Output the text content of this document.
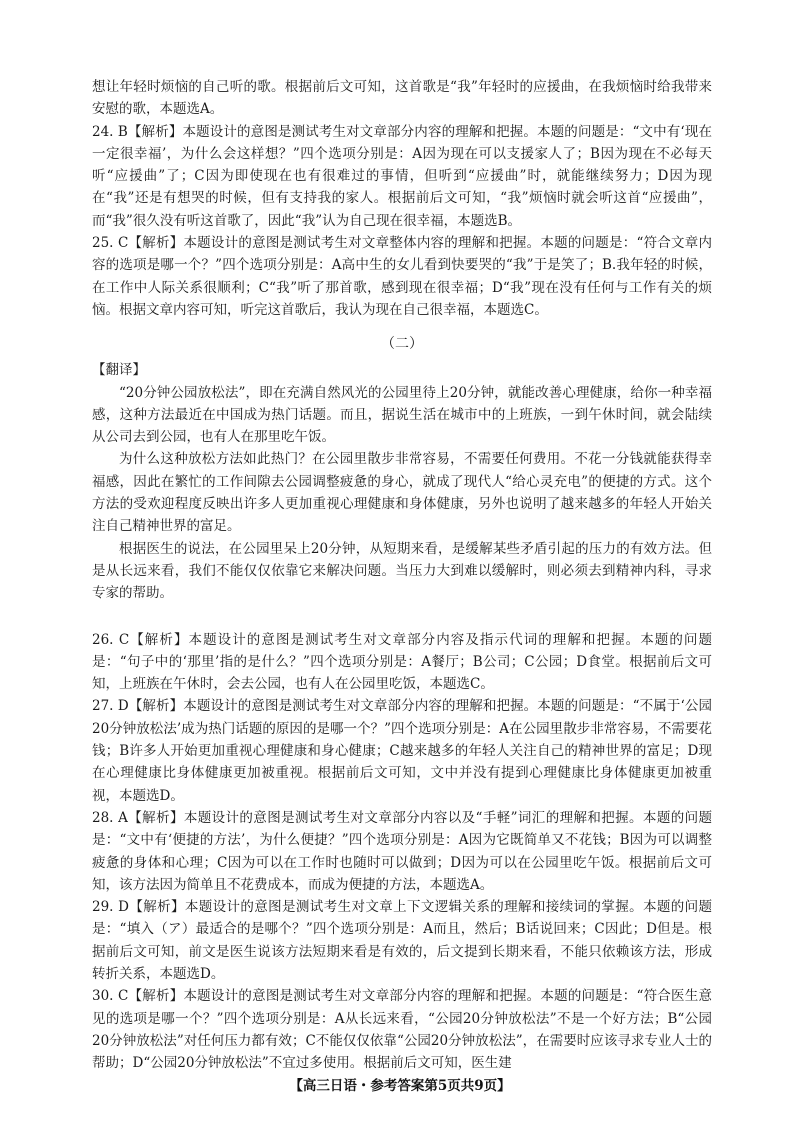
想让年轻时烦恼的自己听的歌。根据前后文可知，这首歌是“我”年轻时的应援曲，在我烦恼时给我带来安慰的歌，本题选A。

24. B【解析】本题设计的意图是测试考生对文章部分内容的理解和把握。本题的问题是：“文中有‘现在一定很幸福’，为什么会这样想？”四个选项分别是：A因为现在可以支援家人了；B因为现在不必每天听“应援曲”了；C因为即使现在也有很难过的事情，但听到“应援曲”时，就能继续努力；D因为现在“我”还是有想哭的时候，但有支持我的家人。根据前后文可知，“我”烦恼时就会听这首“应援曲”，而“我”很久没有听这首歌了，因此“我”认为自己现在很幸福，本题选B。

25. C【解析】本题设计的意图是测试考生对文章整体内容的理解和把握。本题的问题是：“符合文章内容的选项是哪一个？”四个选项分别是：A高中生的女儿看到快要哭的“我”于是笑了；B.我年轻的时候，在工作中人际关系很顺利；C“我”听了那首歌，感到现在很幸福；D“我”现在没有任何与工作有关的烦恼。根据文章内容可知，听完这首歌后，我认为现在自己很幸福，本题选C。

（二）

【翻译】

“20分钟公园放松法”，即在充满自然风光的公园里待上20分钟，就能改善心理健康，给你一种幸福感，这种方法最近在中国成为热门话题。而且，据说生活在城市中的上班族，一到午休时间，就会陆续从公司去到公园，也有人在那里吃午饭。

为什么这种放松方法如此热门？在公园里散步非常容易，不需要任何费用。不花一分钱就能获得幸福感，因此在繁忙的工作间隙去公园调整疲惫的身心，就成了现代人“给心灵充电”的便捷的方式。这个方法的受欢迎程度反映出许多人更加重视心理健康和身体健康，另外也说明了越来越多的年轻人开始关注自己精神世界的富足。

根据医生的说法，在公园里呆上20分钟，从短期来看，是缓解某些矛盾引起的压力的有效方法。但是从长远来看，我们不能仅仅依靠它来解决问题。当压力大到难以缓解时，则必须去到精神内科，寻求专家的帮助。

26. C【解析】本题设计的意图是测试考生对文章部分内容及指示代词的理解和把握。本题的问题是：“句子中的‘那里’指的是什么？”四个选项分别是：A餐厅；B公司；C公园；D食堂。根据前后文可知，上班族在午休时，会去公园，也有人在公园里吃饭，本题选C。

27. D【解析】本题设计的意图是测试考生对文章部分内容的理解和把握。本题的问题是：“不属于‘公园20分钟放松法’成为热门话题的原因的是哪一个？”四个选项分别是：A在公园里散步非常容易，不需要花钱；B许多人开始更加重视心理健康和身心健康；C越来越多的年轻人关注自己的精神世界的富足；D现在心理健康比身体健康更加被重视。根据前后文可知，文中并没有提到心理健康比身体健康更加被重视，本题选D。

28. A【解析】本题设计的意图是测试考生对文章部分内容以及“手軽”词汇的理解和把握。本题的问题是：“文中有‘便捷的方法’，为什么便捷？”四个选项分别是：A因为它既简单又不花钱；B因为可以调整疲惫的身体和心理；C因为可以在工作时也随时可以做到；D因为可以在公园里吃午饭。根据前后文可知，该方法因为简单且不花费成本，而成为便捷的方法，本题选A。

29. D【解析】本题设计的意图是测试考生对文章上下文逻辑关系的理解和接续词的掌握。本题的问题是：“填入（ア）最适合的是哪个？”四个选项分别是：A而且，然后；B话说回来；C因此；D但是。根据前后文可知，前文是医生说该方法短期来看是有效的，后文提到长期来看，不能只依赖该方法，形成转折关系，本题选D。

30. C【解析】本题设计的意图是测试考生对文章部分内容的理解和把握。本题的问题是：“符合医生意见的选项是哪一个？”四个选项分别是：A从长远来看，“公园20分钟放松法”不是一个好方法；B“公园20分钟放松法”对任何压力都有效；C不能仅仅依靠“公园20分钟放松法”，在需要时应该寻求专业人士的帮助；D“公园20分钟放松法”不宜过多使用。根据前后文可知，医生建

【高三日语・参考答案第5页共9页】
